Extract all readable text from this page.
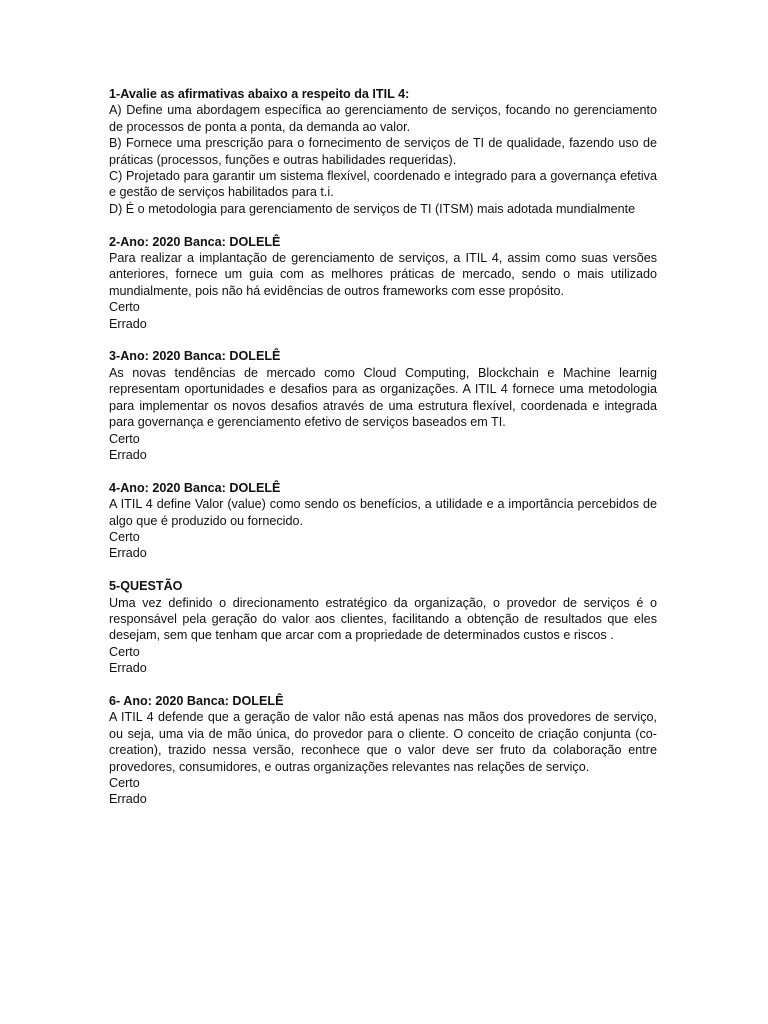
1-Avalie as afirmativas abaixo a respeito da ITIL 4:
A) Define uma abordagem específica ao gerenciamento de serviços, focando no gerenciamento de processos de ponta a ponta, da demanda ao valor.
B) Fornece uma prescrição para o fornecimento de serviços de TI de qualidade, fazendo uso de práticas (processos, funções e outras habilidades requeridas).
C) Projetado para garantir um sistema flexível, coordenado e integrado para a governança efetiva e gestão de serviços habilitados para t.i.
D) É o metodologia para gerenciamento de serviços de TI (ITSM) mais adotada mundialmente
2-Ano: 2020 Banca: DOLELÊ
Para realizar a implantação de gerenciamento de serviços, a ITIL 4, assim como suas versões anteriores, fornece um guia com as melhores práticas de mercado, sendo o mais utilizado mundialmente, pois não há evidências de outros frameworks com esse propósito.
Certo
Errado
3-Ano: 2020 Banca: DOLELÊ
As novas tendências de mercado como Cloud Computing, Blockchain e Machine learnig representam oportunidades e desafios para as organizações. A ITIL 4 fornece uma metodologia para implementar os novos desafios através de uma estrutura flexível, coordenada e integrada para governança e gerenciamento efetivo de serviços baseados em TI.
Certo
Errado
4-Ano: 2020 Banca: DOLELÊ
A ITIL 4 define Valor (value) como sendo os benefícios, a utilidade e a importância percebidos de algo que é produzido ou fornecido.
Certo
Errado
5-QUESTÃO
Uma vez definido o direcionamento estratégico da organização, o provedor de serviços é o responsável pela geração do valor aos clientes, facilitando a obtenção de resultados que eles desejam, sem que tenham que arcar com a propriedade de determinados custos e riscos .
Certo
Errado
6- Ano: 2020 Banca: DOLELÊ
A ITIL 4 defende que a geração de valor não está apenas nas mãos dos provedores de serviço, ou seja, uma via de mão única, do provedor para o cliente. O conceito de criação conjunta (co-creation), trazido nessa versão, reconhece que o valor deve ser fruto da colaboração entre provedores, consumidores, e outras organizações relevantes nas relações de serviço.
Certo
Errado
